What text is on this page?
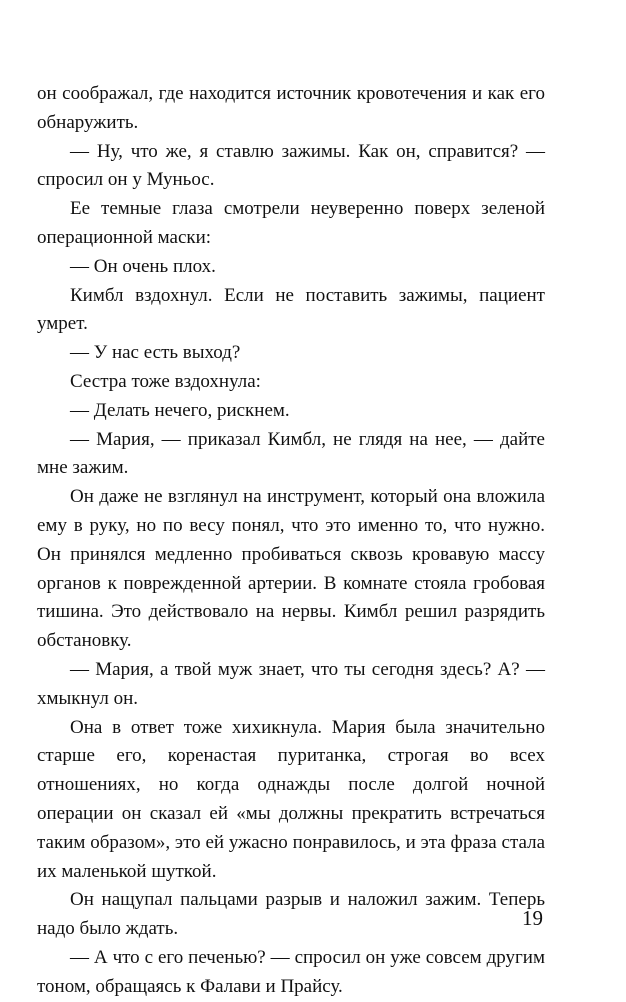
он соображал, где находится источник кровотечения и как его обнаружить.

— Ну, что же, я ставлю зажимы. Как он, справится? — спросил он у Муньос.

Ее темные глаза смотрели неуверенно поверх зеленой операционной маски:

— Он очень плох.

Кимбл вздохнул. Если не поставить зажимы, пациент умрет.

— У нас есть выход?

Сестра тоже вздохнула:

— Делать нечего, рискнем.

— Мария, — приказал Кимбл, не глядя на нее, — дайте мне зажим.

Он даже не взглянул на инструмент, который она вложила ему в руку, но по весу понял, что это именно то, что нужно. Он принялся медленно пробиваться сквозь кровавую массу органов к поврежденной артерии. В комнате стояла гробовая тишина. Это действовало на нервы. Кимбл решил разрядить обстановку.

— Мария, а твой муж знает, что ты сегодня здесь? А? — хмыкнул он.

Она в ответ тоже хихикнула. Мария была значительно старше его, коренастая пуританка, строгая во всех отношениях, но когда однажды после долгой ночной операции он сказал ей «мы должны прекратить встречаться таким образом», это ей ужасно понравилось, и эта фраза стала их маленькой шуткой.

Он нащупал пальцами разрыв и наложил зажим. Теперь надо было ждать.

— А что с его печенью? — спросил он уже совсем другим тоном, обращаясь к Фалави и Прайсу.

19
